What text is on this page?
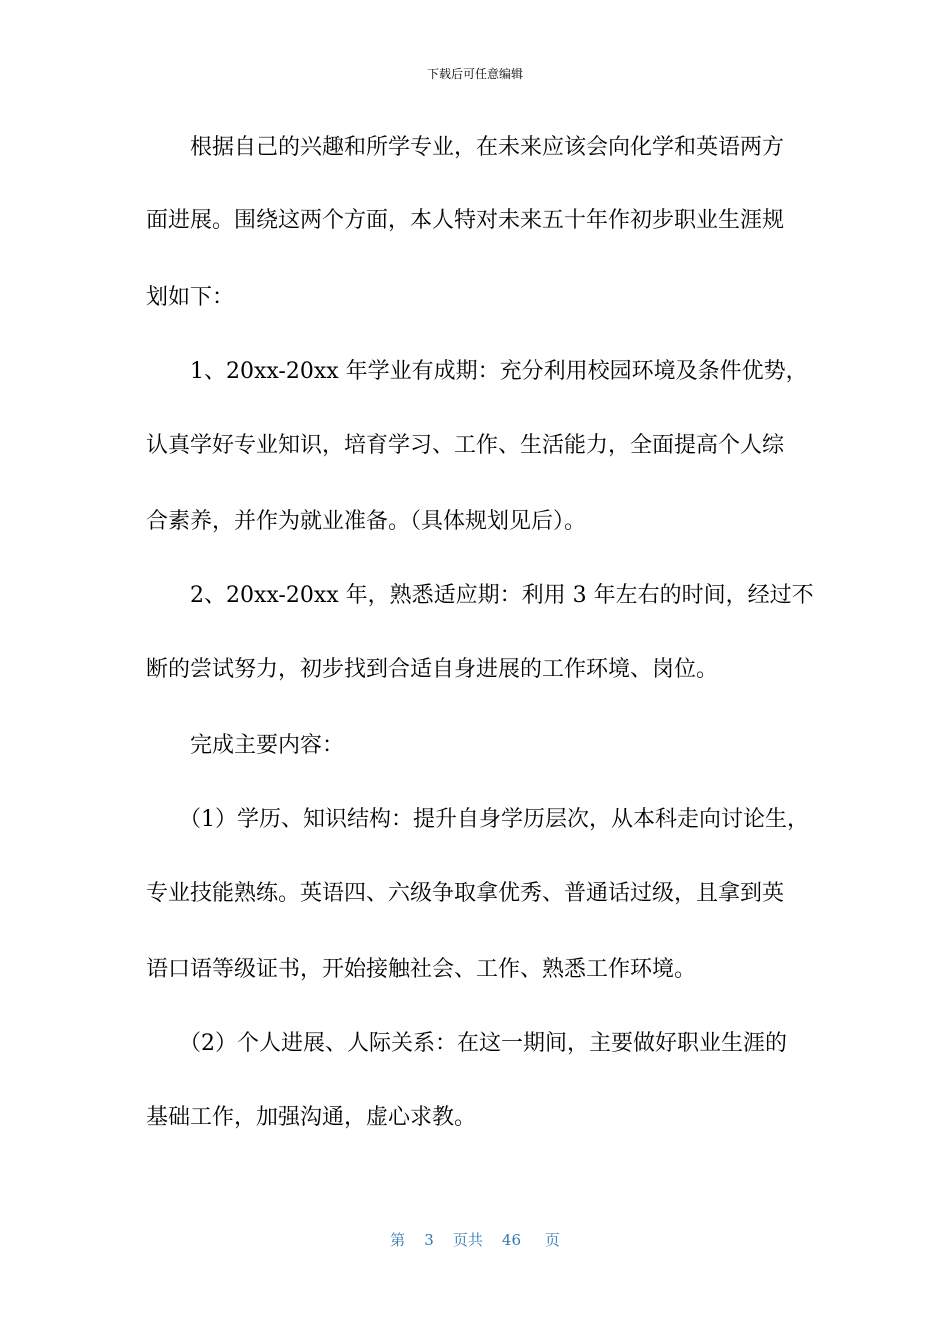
下载后可任意编辑
　　根据自己的兴趣和所学专业，在未来应该会向化学和英语两方
面进展。围绕这两个方面，本人特对未来五十年作初步职业生涯规
划如下：
　　1、20xx-20xx 年学业有成期：充分利用校园环境及条件优势，
认真学好专业知识，培育学习、工作、生活能力，全面提高个人综
合素养，并作为就业准备。（具体规划见后）。
　　2、20xx-20xx 年，熟悉适应期：利用 3 年左右的时间，经过不
断的尝试努力，初步找到合适自身进展的工作环境、岗位。
　　完成主要内容：
　　（1）学历、知识结构：提升自身学历层次，从本科走向讨论生，
专业技能熟练。英语四、六级争取拿优秀、普通话过级，且拿到英
语口语等级证书，开始接触社会、工作、熟悉工作环境。
　　（2）个人进展、人际关系：在这一期间，主要做好职业生涯的
基础工作，加强沟通，虚心求教。
第 3 页共 46 页
